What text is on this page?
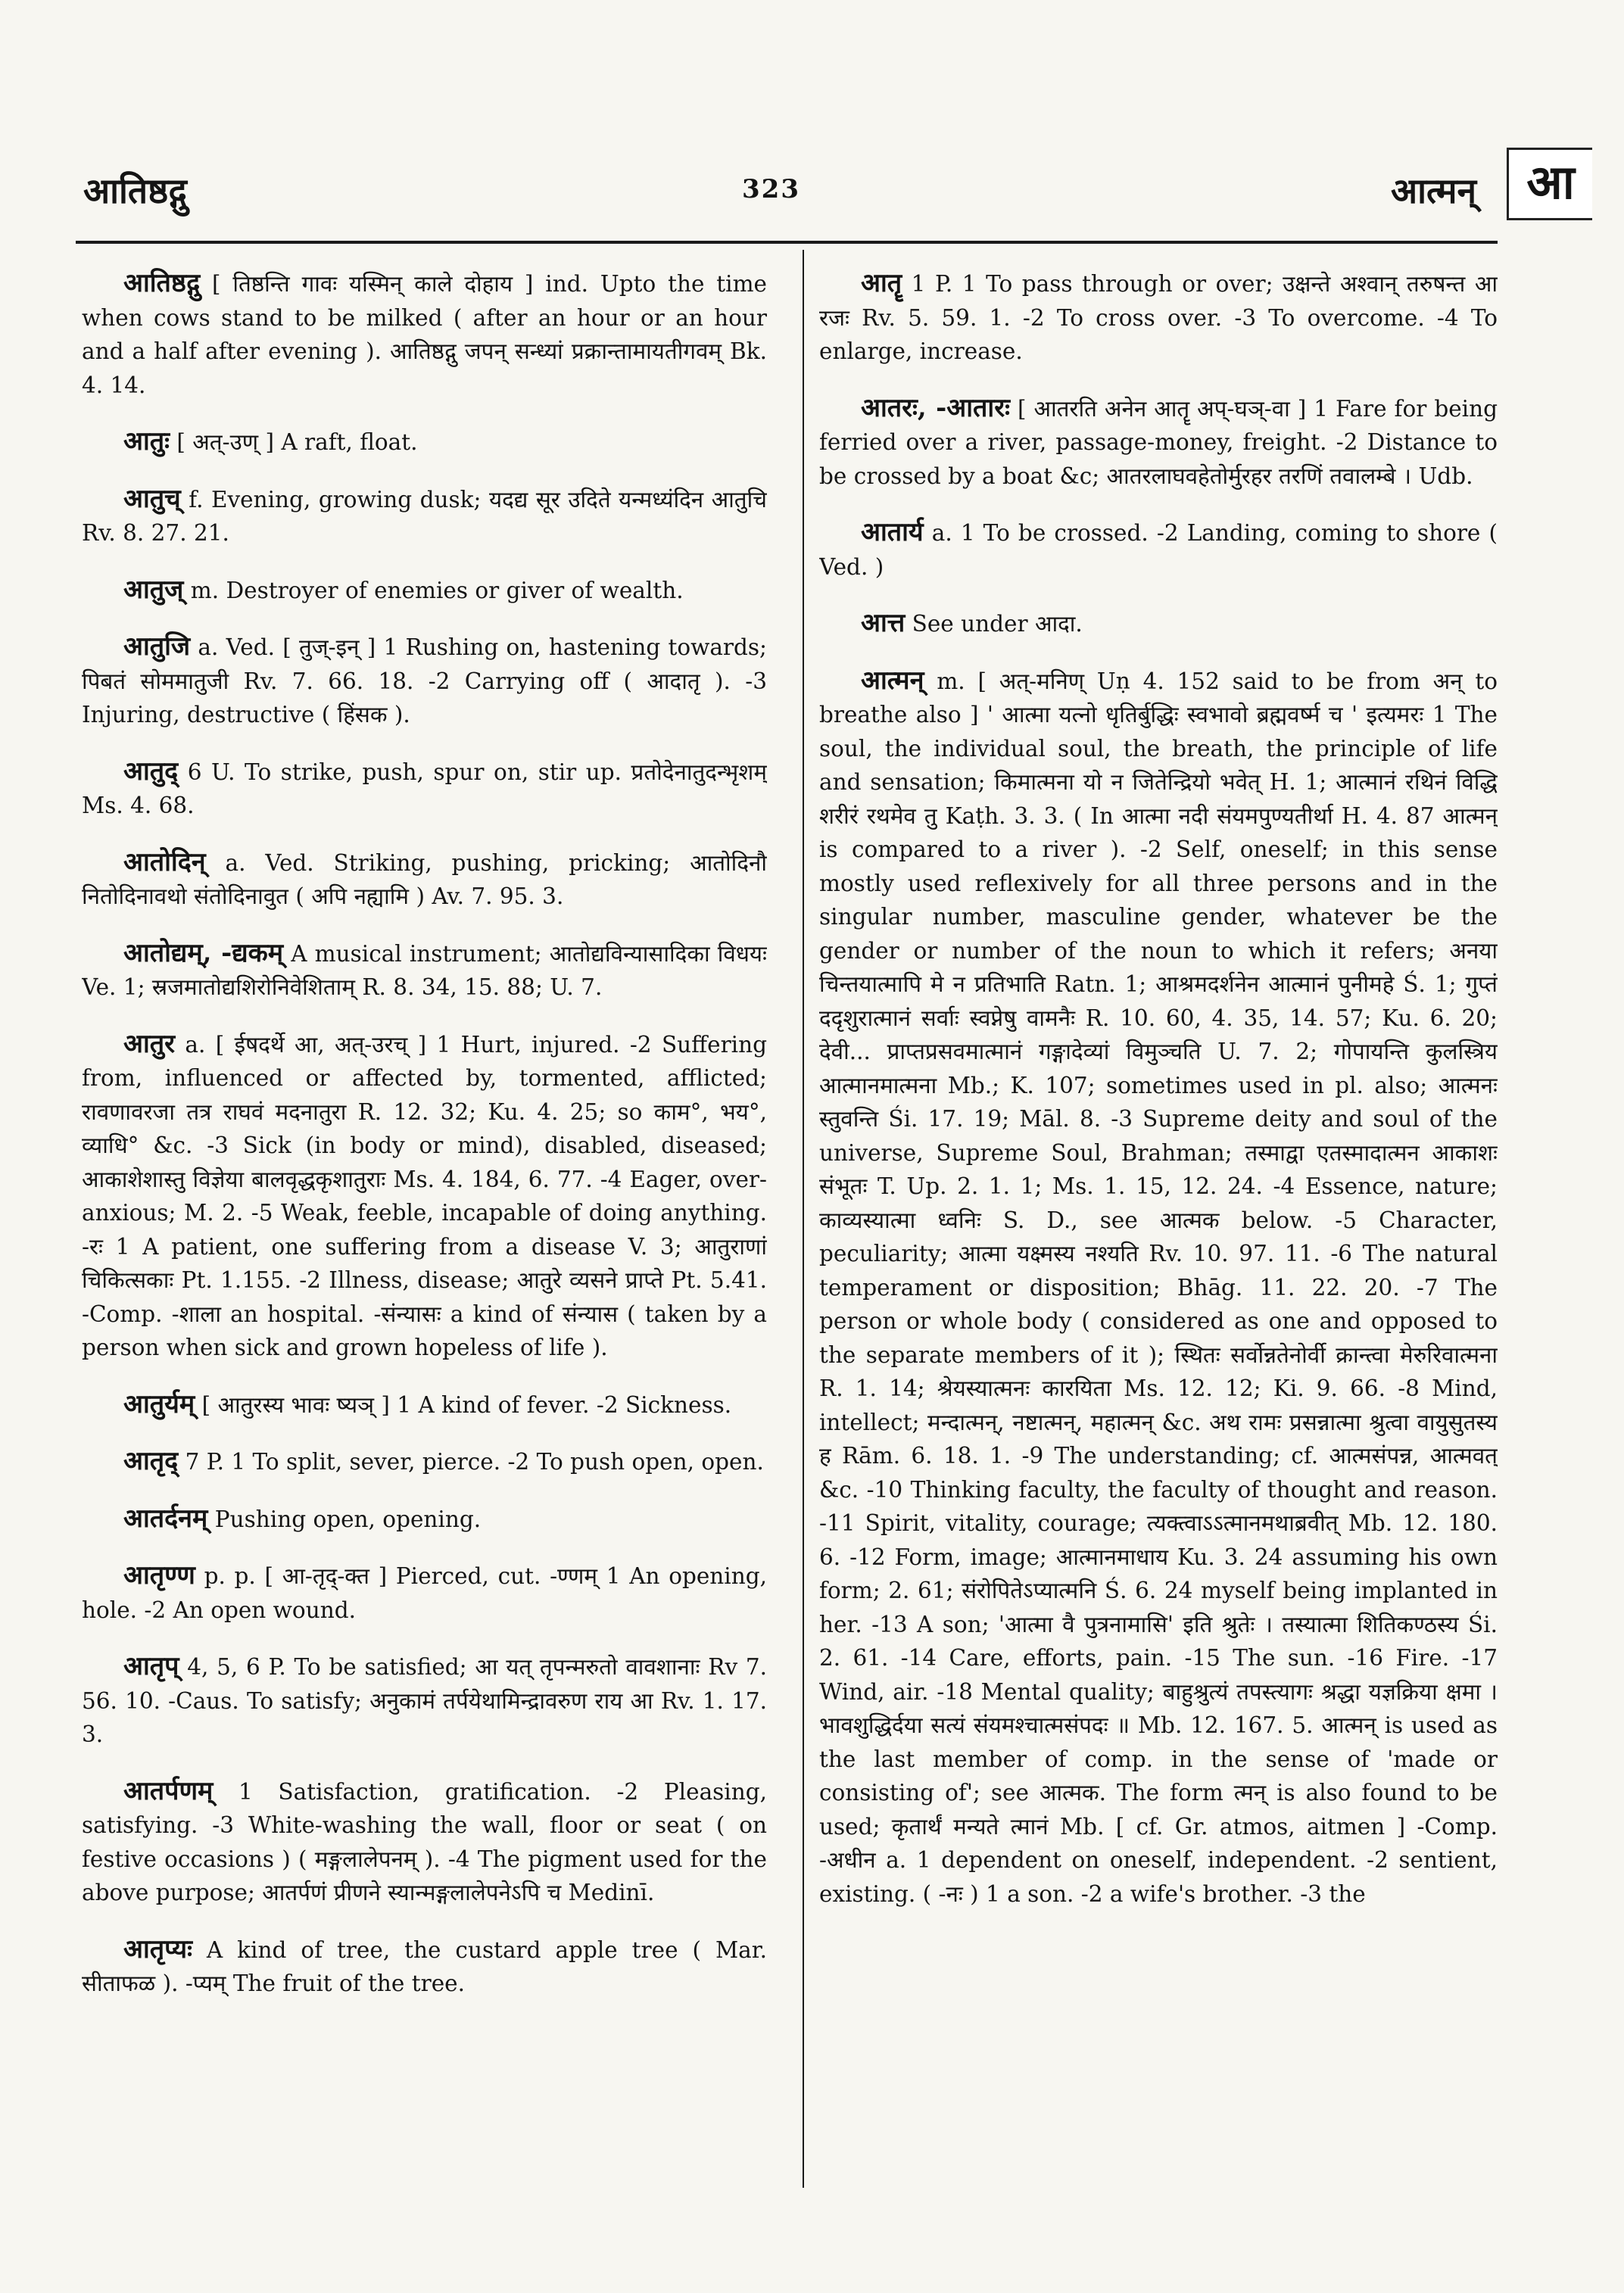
आतिष्ठद्गु	323	आत्मन्	आ

आतिष्ठद्गु [ तिष्ठन्ति गावः यस्मिन् काले दोहाय ] ind. Upto the time when cows stand to be milked ( after an hour or an hour and a half after evening ). आतिष्ठद्गु जपन् सन्ध्यां प्रक्रान्तामायतीगवम् Bk. 4. 14.

आतुः [ अत्-उण् ] A raft, float.

आतुच् f. Evening, growing dusk; यदद्य सूर उदिते यन्मध्यंदिन आतुचि Rv. 8. 27. 21.

आतुज् m. Destroyer of enemies or giver of wealth.

आतुजि a. Ved. [ तुज्-इन् ] 1 Rushing on, hastening towards; पिबतं सोममातुजी Rv. 7. 66. 18. -2 Carrying off ( आदातृ ). -3 Injuring, destructive ( हिंसक ).

आतुद् 6 U. To strike, push, spur on, stir up. प्रतोदेनातुदन्भृशम् Ms. 4. 68.

आतोदिन् a. Ved. Striking, pushing, pricking; आतोदिनौ नितोदिनावथो संतोदिनावुत ( अपि नह्यामि ) Av. 7. 95. 3.

आतोद्यम्, -द्यकम् A musical instrument; आतोद्यविन्यासादिका विधयः Ve. 1; स्रजमातोद्यशिरोनिवेशिताम् R. 8. 34, 15. 88; U. 7.

आतुर a. [ ईषदर्थे आ, अत्-उरच् ] 1 Hurt, injured. -2 Suffering from, influenced or affected by, tormented, afflicted; रावणावरजा तत्र राघवं मदनातुरा R. 12. 32; Ku. 4. 25; so काम°, भय°, व्याधि° &c. -3 Sick (in body or mind), disabled, diseased; आकाशेशास्तु विज्ञेया बालवृद्धकृशातुराः Ms. 4. 184, 6. 77. -4 Eager, over-anxious; M. 2. -5 Weak, feeble, incapable of doing anything. -रः 1 A patient, one suffering from a disease V. 3; आतुराणां चिकित्सकाः Pt. 1.155. -2 Illness, disease; आतुरे व्यसने प्राप्ते Pt. 5.41. -Comp. -शाला an hospital. -संन्यासः a kind of संन्यास ( taken by a person when sick and grown hopeless of life ).

आतुर्यम् [ आतुरस्य भावः ष्यञ् ] 1 A kind of fever. -2 Sickness.

आतृद् 7 P. 1 To split, sever, pierce. -2 To push open, open.

आतर्दनम् Pushing open, opening.

आतृण्ण p. p. [ आ-तृद्-क्त ] Pierced, cut. -ण्णम् 1 An opening, hole. -2 An open wound.

आतृप् 4, 5, 6 P. To be satisfied; आ यत् तृपन्मरुतो वावशानाः Rv 7. 56. 10. -Caus. To satisfy; अनुकामं तर्पयेथामिन्द्रावरुण राय आ Rv. 1. 17. 3.

आतर्पणम् 1 Satisfaction, gratification. -2 Pleasing, satisfying. -3 White-washing the wall, floor or seat ( on festive occasions ) ( मङ्गलालेपनम् ). -4 The pigment used for the above purpose; आतर्पणं प्रीणने स्यान्मङ्गलालेपनेऽपि च Medinī.

आतृप्यः A kind of tree, the custard apple tree ( Mar. सीताफळ ). -प्यम् The fruit of the tree.

आतॄ 1 P. 1 To pass through or over; उक्षन्ते अश्वान् तरुषन्त आ रजः Rv. 5. 59. 1. -2 To cross over. -3 To overcome. -4 To enlarge, increase.

आतरः, -आतारः [ आतरति अनेन आतॄ अप्-घञ्-वा ] 1 Fare for being ferried over a river, passage-money, freight. -2 Distance to be crossed by a boat &c; आतरलाघवहेतोर्मुरहर तरणिं तवालम्बे । Udb.

आतार्य a. 1 To be crossed. -2 Landing, coming to shore ( Ved. )

आत्त See under आदा.

आत्मन् m. [ अत्-मनिण् Uṇ 4. 152 said to be from अन् to breathe also ] ' आत्मा यत्नो धृतिर्बुद्धिः स्वभावो ब्रह्मवर्ष्म च ' इत्यमरः 1 The soul, the individual soul, the breath, the principle of life and sensation; किमात्मना यो न जितेन्द्रियो भवेत् H. 1; आत्मानं रथिनं विद्धि शरीरं रथमेव तु Kaṭh. 3. 3. ( In आत्मा नदी संयमपुण्यतीर्था H. 4. 87 आत्मन् is compared to a river ). -2 Self, oneself; in this sense mostly used reflexively for all three persons and in the singular number, masculine gender, whatever be the gender or number of the noun to which it refers; अनया चिन्तयात्मापि मे न प्रतिभाति Ratn. 1; आश्रमदर्शनेन आत्मानं पुनीमहे Ś. 1; गुप्तं ददृशुरात्मानं सर्वाः स्वप्नेषु वामनैः R. 10. 60, 4. 35, 14. 57; Ku. 6. 20; देवी... प्राप्तप्रसवमात्मानं गङ्गादेव्यां विमुञ्चति U. 7. 2; गोपायन्ति कुलस्त्रिय आत्मानमात्मना Mb.; K. 107; sometimes used in pl. also; आत्मनः स्तुवन्ति Śi. 17. 19; Māl. 8. -3 Supreme deity and soul of the universe, Supreme Soul, Brahman; तस्माद्वा एतस्मादात्मन आकाशः संभूतः T. Up. 2. 1. 1; Ms. 1. 15, 12. 24. -4 Essence, nature; काव्यस्यात्मा ध्वनिः S. D., see आत्मक below. -5 Character, peculiarity; आत्मा यक्ष्मस्य नश्यति Rv. 10. 97. 11. -6 The natural temperament or disposition; Bhāg. 11. 22. 20. -7 The person or whole body ( considered as one and opposed to the separate members of it ); स्थितः सर्वोन्नतेनोर्वी क्रान्त्वा मेरुरिवात्मना R. 1. 14; श्रेयस्यात्मनः कारयिता Ms. 12. 12; Ki. 9. 66. -8 Mind, intellect; मन्दात्मन्, नष्टात्मन्, महात्मन् &c. अथ रामः प्रसन्नात्मा श्रुत्वा वायुसुतस्य ह Rām. 6. 18. 1. -9 The understanding; cf. आत्मसंपन्न, आत्मवत् &c. -10 Thinking faculty, the faculty of thought and reason. -11 Spirit, vitality, courage; त्यक्त्वाऽऽत्मानमथाब्रवीत् Mb. 12. 180. 6. -12 Form, image; आत्मानमाधाय Ku. 3. 24 assuming his own form; 2. 61; संरोपितेऽप्यात्मनि Ś. 6. 24 myself being implanted in her. -13 A son; 'आत्मा वै पुत्रनामासि' इति श्रुतेः । तस्यात्मा शितिकण्ठस्य Śi. 2. 61. -14 Care, efforts, pain. -15 The sun. -16 Fire. -17 Wind, air. -18 Mental quality; बाहुश्रुत्यं तपस्त्यागः श्रद्धा यज्ञक्रिया क्षमा । भावशुद्धिर्दया सत्यं संयमश्चात्मसंपदः ॥ Mb. 12. 167. 5. आत्मन् is used as the last member of comp. in the sense of 'made or consisting of'; see आत्मक. The form त्मन् is also found to be used; कृतार्थं मन्यते त्मानं Mb. [ cf. Gr. atmos, aitmen ] -Comp. -अधीन a. 1 dependent on oneself, independent. -2 sentient, existing. ( -नः ) 1 a son. -2 a wife's brother. -3 the
